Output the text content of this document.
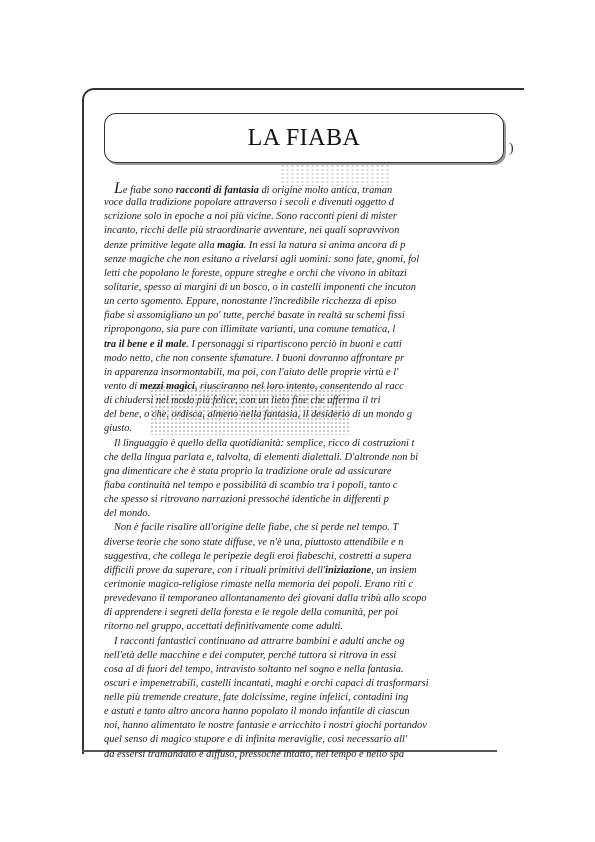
LA FIABA	)
Le fiabe sono racconti di fantasia di origine molto antica, traman
voce dalla tradizione popolare attraverso i secoli e divenuti oggetto d
scrizione solo in epoche a noi più vicine. Sono racconti pieni di mister
incanto, ricchi delle più straordinarie avventure, nei quali sopravvivon
denze primitive legate alla magia. In essi la natura si anima ancora di p
senze magiche che non esitano a rivelarsi agli uomini: sono fate, gnomi, fol
letti che popolano le foreste, oppure streghe e orchi che vivono in abitazi
solitarie, spesso ai margini di un bosco, o in castelli imponenti che incuton
un certo sgomento. Eppure, nonostante l'incredibile ricchezza di episo
fiabe si assomigliano un po' tutte, perché basate in realtà su schemi fissi
ripropongono, sia pure con illimitate varianti, una comune tematica, l
tra il bene e il male. I personaggi si ripartiscono perciò in buoni e catti
modo netto, che non consente sfumature. I buoni dovranno affrontare pr
in apparenza insormontabili, ma poi, con l'aiuto delle proprie virtù e l'
vento di mezzi magici, riusciranno nel loro intento, consentendo al racc
di chiudersi nel modo più felice, con un lieto fine che afferma il tri
del bene, o che, ordisca, almeno nella fantasia, il desiderio di un mondo g
giusto.
Il linguaggio è quello della quotidianità: semplice, ricco di costruzioni t
che della lingua parlata e, talvolta, di elementi dialettali. D'altronde non bi
gna dimenticare che è stata proprio la tradizione orale ad assicurare
fiaba continuità nel tempo e possibilità di scambio tra i popoli, tanto c
che spesso si ritrovano narrazioni pressoché identiche in differenti p
del mondo.
Non è facile risalire all'origine delle fiabe, che si perde nel tempo. T
diverse teorie che sono state diffuse, ve n'è una, piuttosto attendibile e n
suggestiva, che collega le peripezie degli eroi fiabeschi, costretti a supera
difficili prove da superare, con i rituali primitivi dell'iniziazione, un insiem
cerimonie magico-religiose rimaste nella memoria dei popoli. Erano riti c
prevedevano il temporaneo allontanamento dei giovani dalla tribù allo scopo
di apprendere i segreti della foresta e le regole della comunità, per poi
ritorno nel gruppo, accettati definitivamente come adulti.
I racconti fantastici continuano ad attrarre bambini e adulti anche og
nell'età delle macchine e dei computer, perché tuttora si ritrova in essi
cosa al di fuori del tempo, intravisto soltanto nel sogno e nella fantasia.
oscuri e impenetrabili, castelli incantati, maghi e orchi capaci di trasformarsi
nelle più tremende creature, fate dolcissime, regine infelici, contadini ing
e astuti e tanto altro ancora hanno popolato il mondo infantile di ciascun
noi, hanno alimentato le nostre fantasie e arricchito i nostri giochi portandov
quel senso di magico stupore e di infinita meraviglie, così necessario all'
da essersi tramandato e diffuso, pressoché intatto, nel tempo e nello spa
